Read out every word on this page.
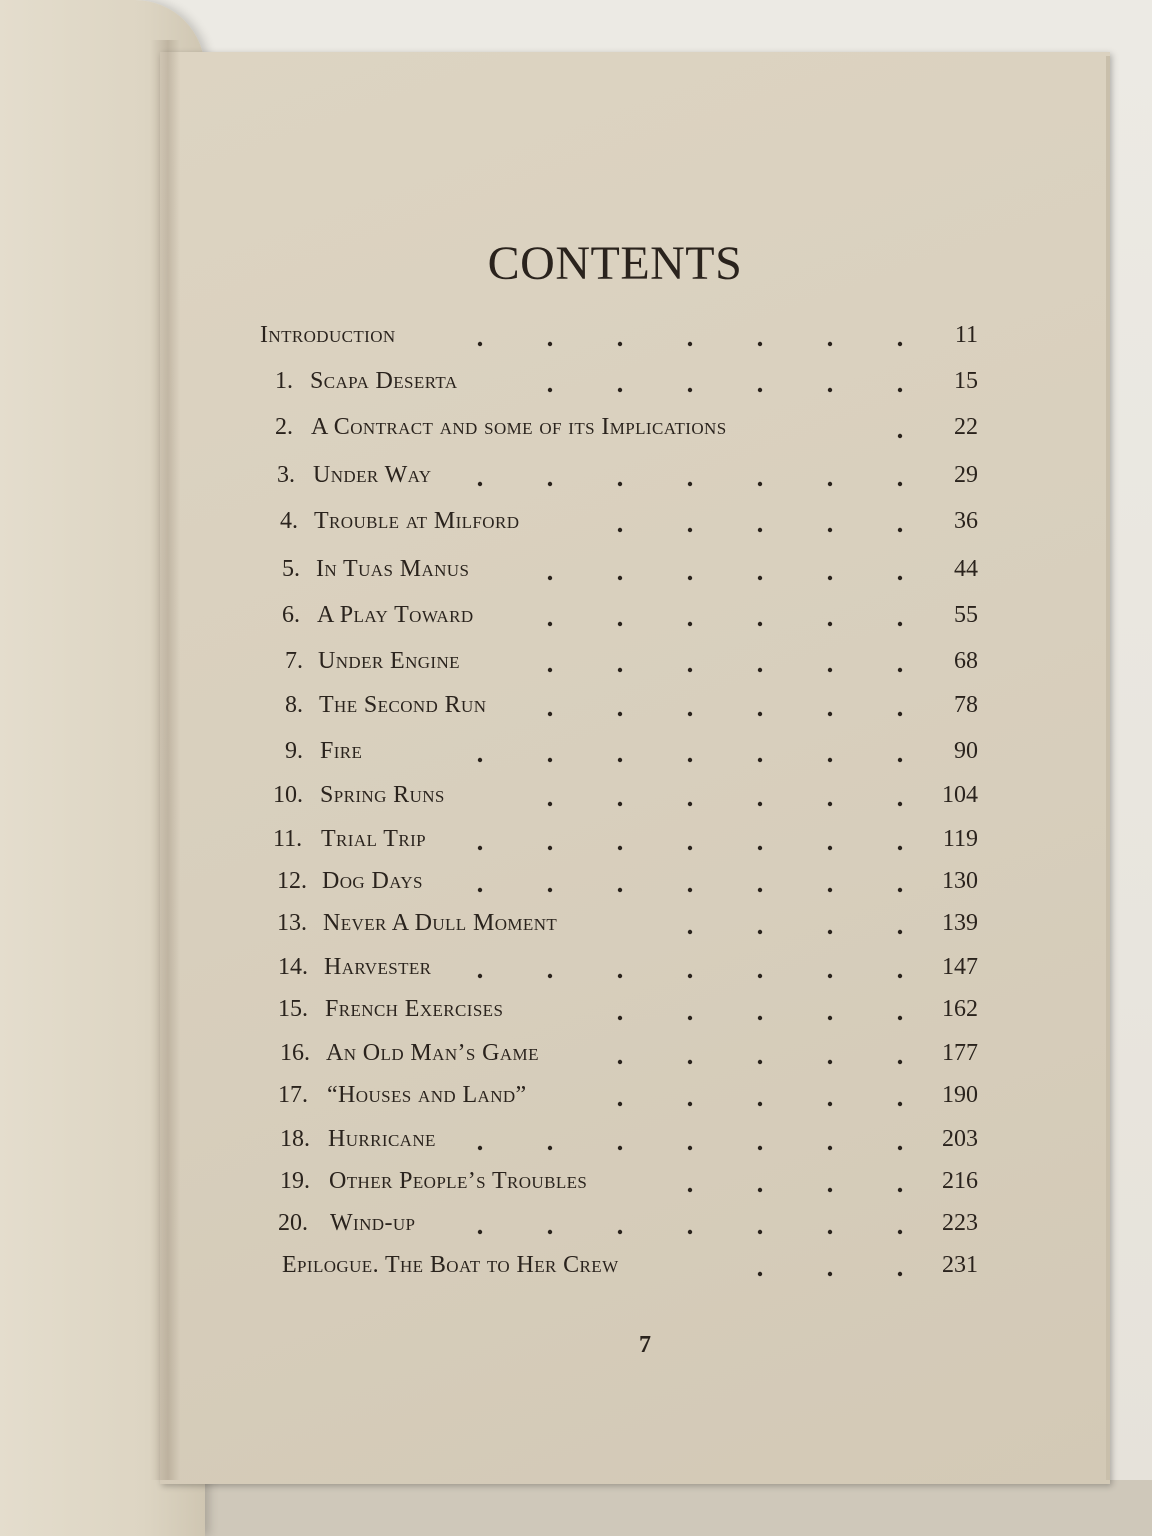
CONTENTS
Introduction	11
1. Scapa Deserta	15
2. A Contract and some of its Implications	22
3. Under Way	29
4. Trouble at Milford	36
5. In Tuas Manus	44
6. A Play Toward	55
7. Under Engine	68
8. The Second Run	78
9. Fire	90
10. Spring Runs	104
11. Trial Trip	119
12. Dog Days	130
13. Never A Dull Moment	139
14. Harvester	147
15. French Exercises	162
16. An Old Man’s Game	177
17. “Houses and Land”	190
18. Hurricane	203
19. Other People’s Troubles	216
20. Wind-up	223
Epilogue. The Boat to Her Crew	231
7
